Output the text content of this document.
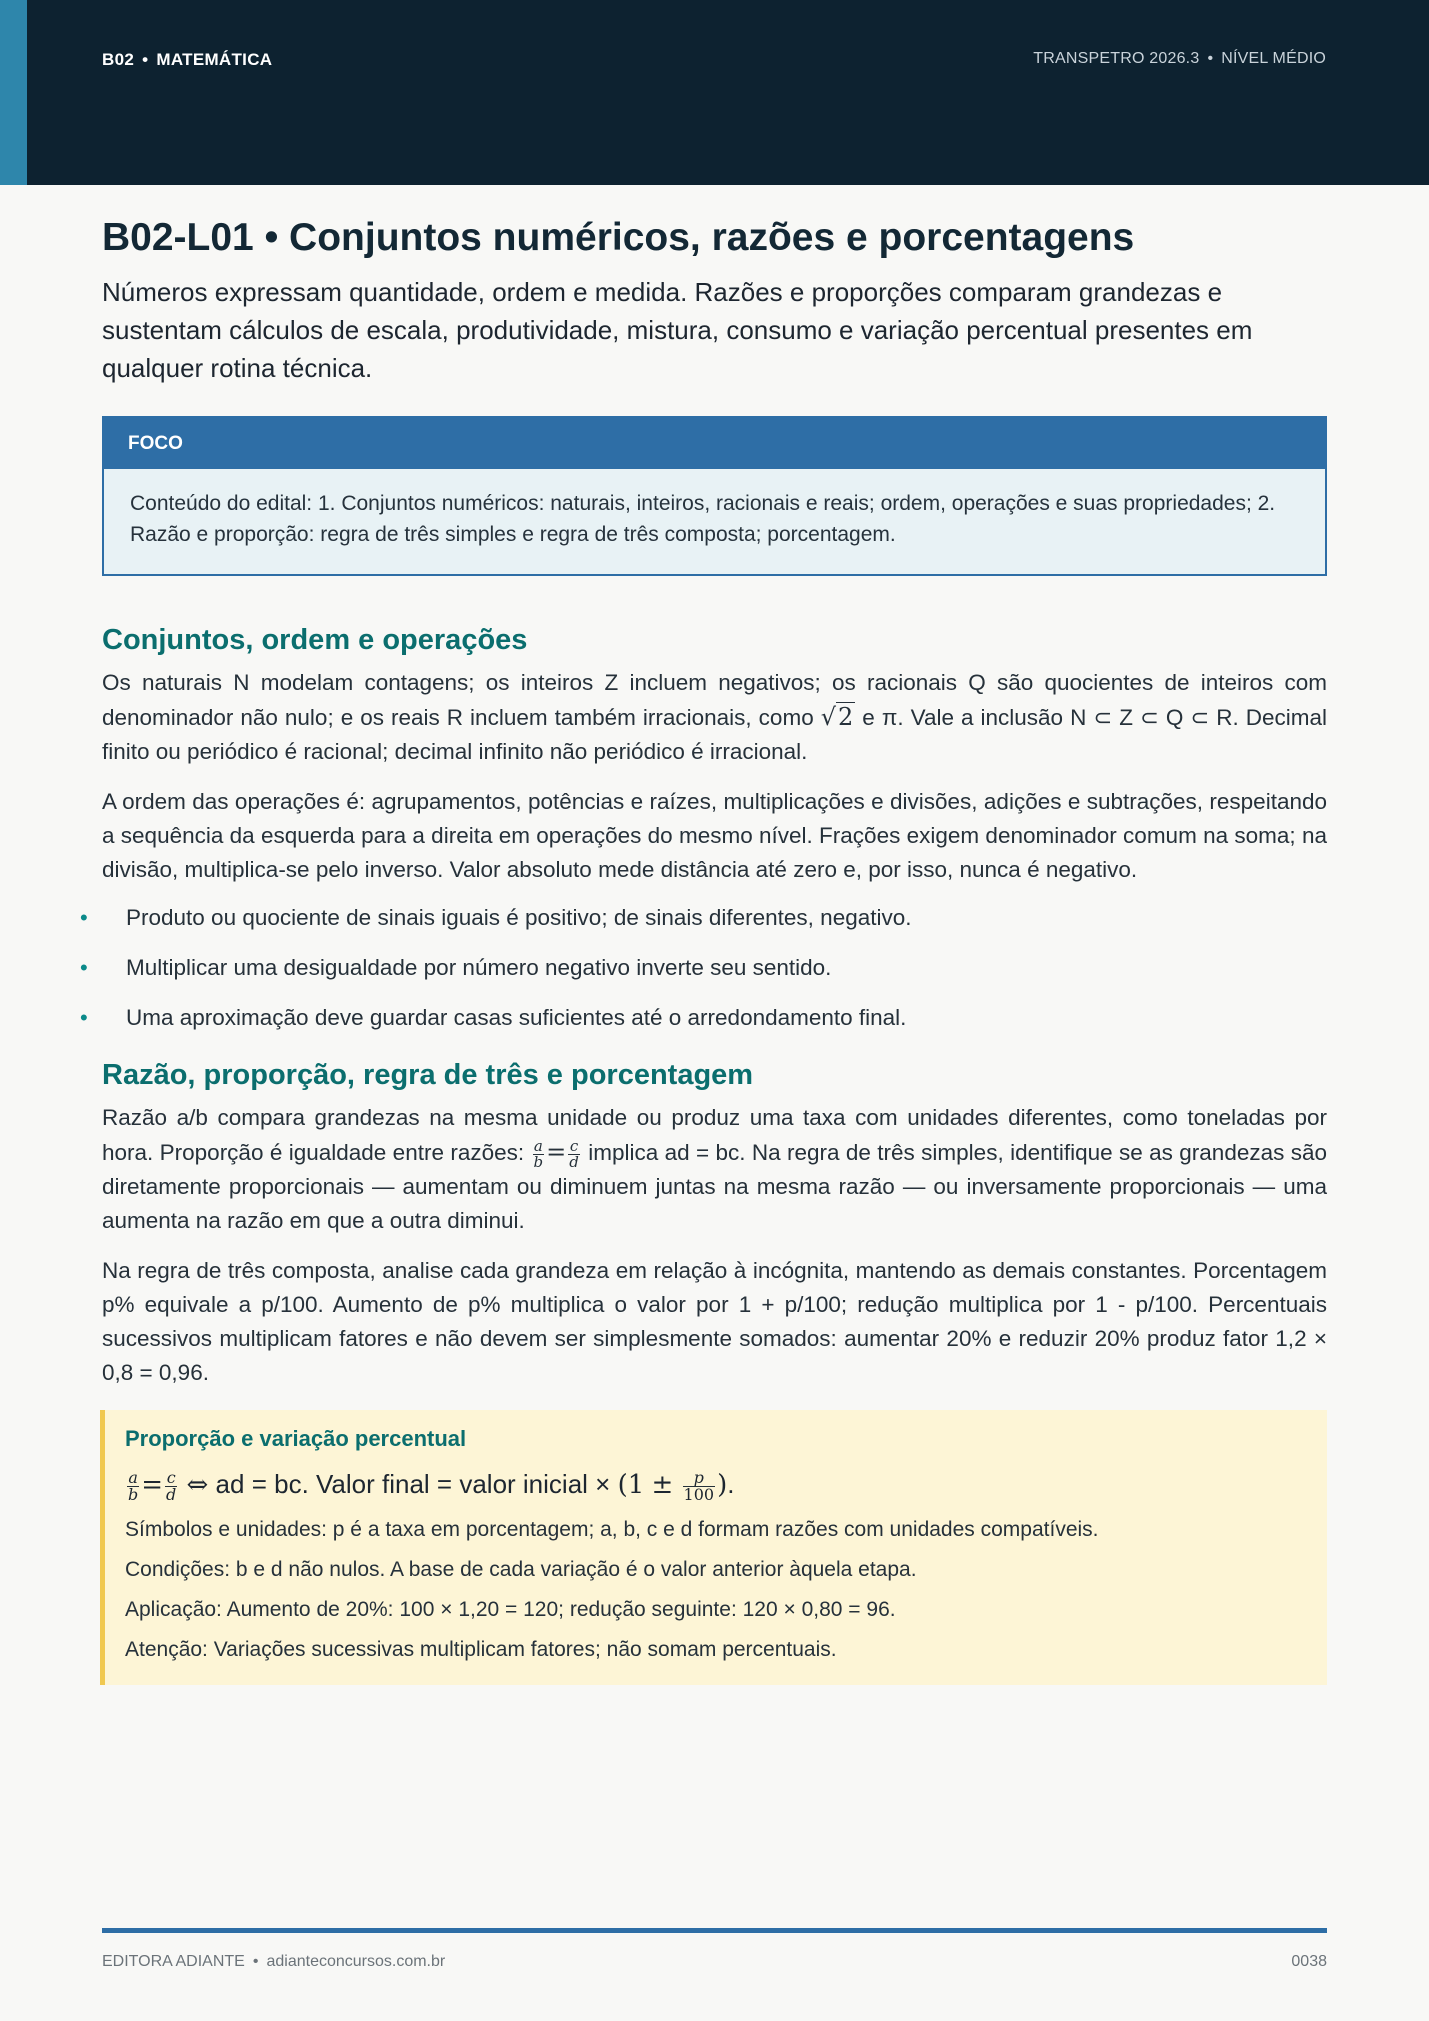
B02 • MATEMÁTICA	TRANSPETRO 2026.3 • NÍVEL MÉDIO
B02-L01 • Conjuntos numéricos, razões e porcentagens

Números expressam quantidade, ordem e medida. Razões e proporções comparam grandezas e sustentam cálculos de escala, produtividade, mistura, consumo e variação percentual presentes em qualquer rotina técnica.

FOCO
Conteúdo do edital: 1. Conjuntos numéricos: naturais, inteiros, racionais e reais; ordem, operações e suas propriedades; 2. Razão e proporção: regra de três simples e regra de três composta; porcentagem.
Conjuntos, ordem e operações

Os naturais N modelam contagens; os inteiros Z incluem negativos; os racionais Q são quocientes de inteiros com denominador não nulo; e os reais R incluem também irracionais, como √2 e π. Vale a inclusão N ⊂ Z ⊂ Q ⊂ R. Decimal finito ou periódico é racional; decimal infinito não periódico é irracional.

A ordem das operações é: agrupamentos, potências e raízes, multiplicações e divisões, adições e subtrações, respeitando a sequência da esquerda para a direita em operações do mesmo nível. Frações exigem denominador comum na soma; na divisão, multiplica-se pelo inverso. Valor absoluto mede distância até zero e, por isso, nunca é negativo.

• Produto ou quociente de sinais iguais é positivo; de sinais diferentes, negativo.
• Multiplicar uma desigualdade por número negativo inverte seu sentido.
• Uma aproximação deve guardar casas suficientes até o arredondamento final.
Razão, proporção, regra de três e porcentagem

Razão a/b compara grandezas na mesma unidade ou produz uma taxa com unidades diferentes, como toneladas por hora. Proporção é igualdade entre razões: $\frac{a}{b} = \frac{c}{d}$ implica ad = bc. Na regra de três simples, identifique se as grandezas são diretamente proporcionais — aumentam ou diminuem juntas na mesma razão — ou inversamente proporcionais — uma aumenta na razão em que a outra diminui.

Na regra de três composta, analise cada grandeza em relação à incógnita, mantendo as demais constantes. Porcentagem p% equivale a p/100. Aumento de p% multiplica o valor por 1 + p/100; redução multiplica por 1 - p/100. Percentuais sucessivos multiplicam fatores e não devem ser simplesmente somados: aumentar 20% e reduzir 20% produz fator 1,2 × 0,8 = 0,96.

Proporção e variação percentual
$\frac{a}{b} = \frac{c}{d}$ ⇔ ad = bc. Valor final = valor inicial × ($1 \pm \frac{p}{100}$ ).
Símbolos e unidades: p é a taxa em porcentagem; a, b, c e d formam razões com unidades compatíveis.
Condições: b e d não nulos. A base de cada variação é o valor anterior àquela etapa.
Aplicação: Aumento de 20%: 100 × 1,20 = 120; redução seguinte: 120 × 0,80 = 96.
Atenção: Variações sucessivas multiplicam fatores; não somam percentuais.
EDITORA ADIANTE • adianteconcursos.com.br	0038
